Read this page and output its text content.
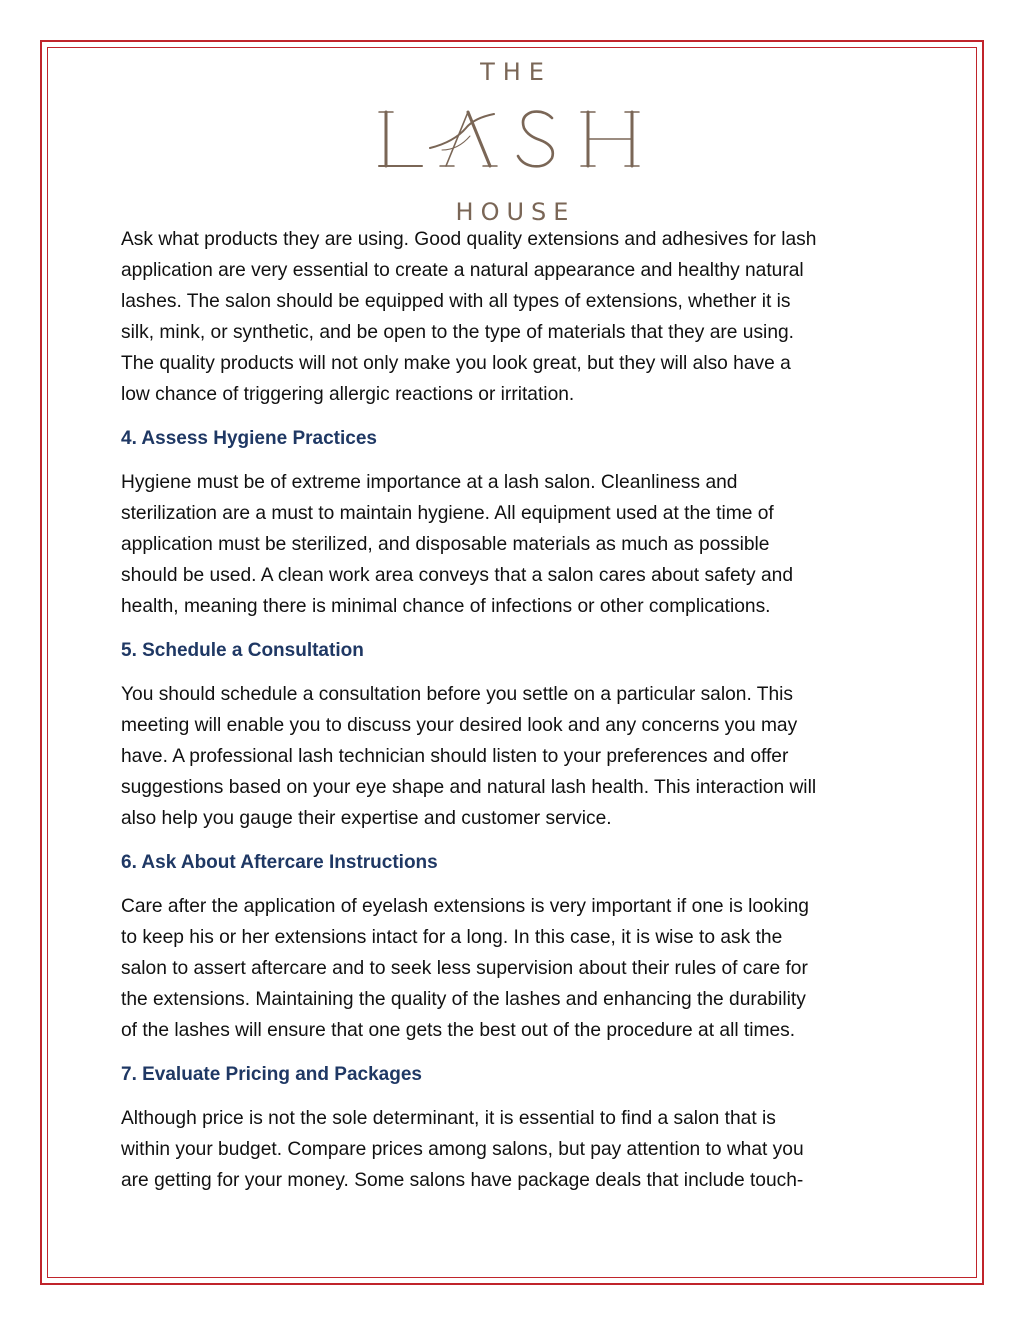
THE
HOUSE

Ask what products they are using. Good quality extensions and adhesives for lash

application are very essential to create a natural appearance and healthy natural

lashes. The salon should be equipped with all types of extensions, whether it is

silk, mink, or synthetic, and be open to the type of materials that they are using.

The quality products will not only make you look great, but they will also have a

low chance of triggering allergic reactions or irritation.

4. Assess Hygiene Practices

Hygiene must be of extreme importance at a lash salon. Cleanliness and

sterilization are a must to maintain hygiene. All equipment used at the time of

application must be sterilized, and disposable materials as much as possible

should be used. A clean work area conveys that a salon cares about safety and

health, meaning there is minimal chance of infections or other complications.

5. Schedule a Consultation

You should schedule a consultation before you settle on a particular salon. This

meeting will enable you to discuss your desired look and any concerns you may

have. A professional lash technician should listen to your preferences and offer

suggestions based on your eye shape and natural lash health. This interaction will

also help you gauge their expertise and customer service.

6. Ask About Aftercare Instructions

Care after the application of eyelash extensions is very important if one is looking

to keep his or her extensions intact for a long. In this case, it is wise to ask the

salon to assert aftercare and to seek less supervision about their rules of care for

the extensions. Maintaining the quality of the lashes and enhancing the durability

of the lashes will ensure that one gets the best out of the procedure at all times.

7. Evaluate Pricing and Packages

Although price is not the sole determinant, it is essential to find a salon that is

within your budget. Compare prices among salons, but pay attention to what you

are getting for your money. Some salons have package deals that include touch-
